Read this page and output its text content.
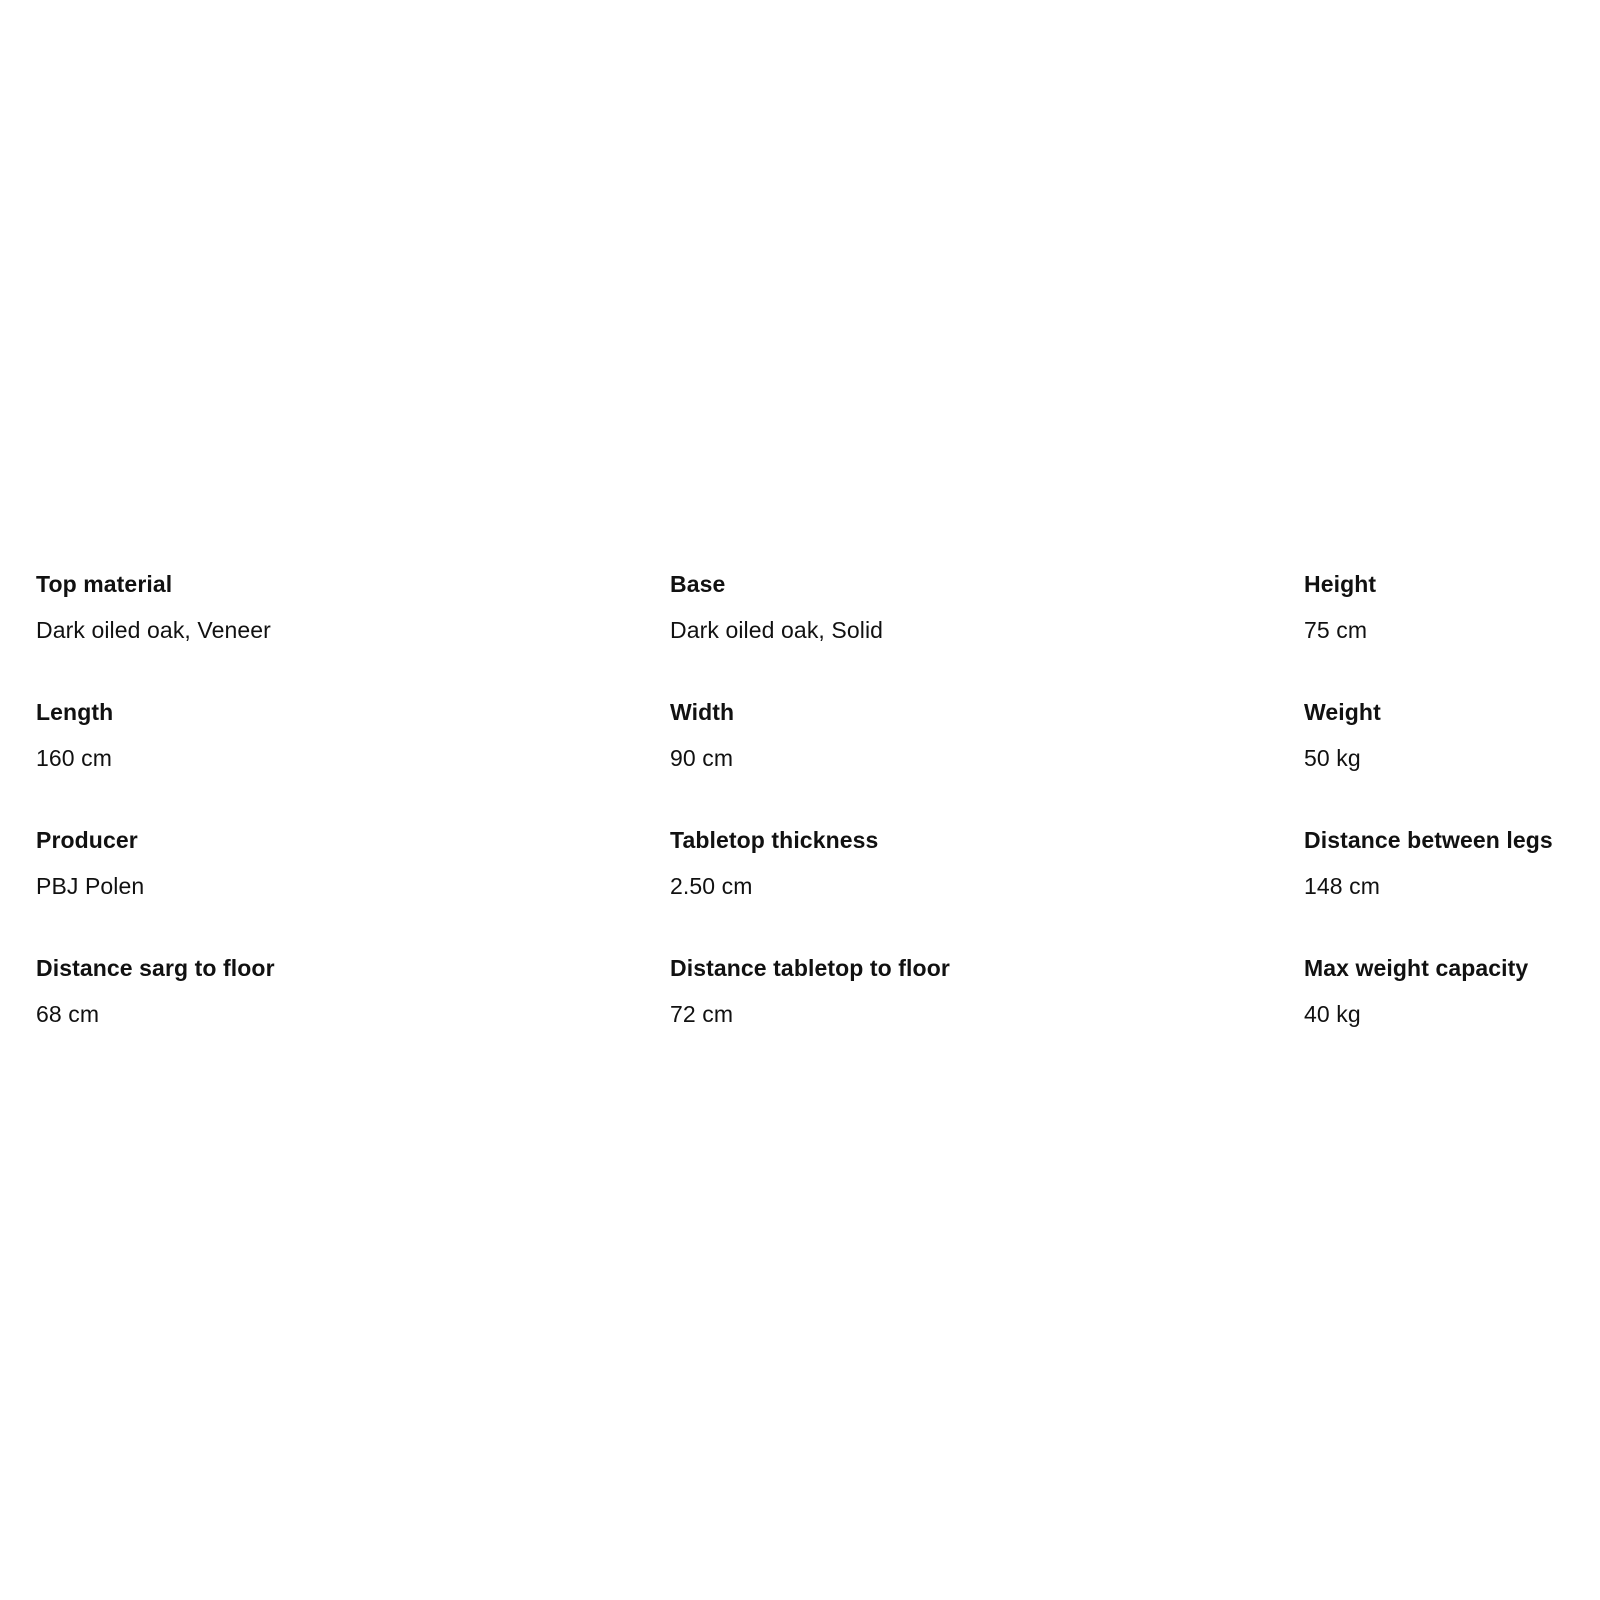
Top material

Dark oiled oak, Veneer

Base

Dark oiled oak, Solid

Height

75 cm

Length

160 cm

Width

90 cm

Weight

50 kg

Producer

PBJ Polen

Tabletop thickness

2.50 cm

Distance between legs

148 cm

Distance sarg to floor

68 cm

Distance tabletop to floor

72 cm

Max weight capacity

40 kg
